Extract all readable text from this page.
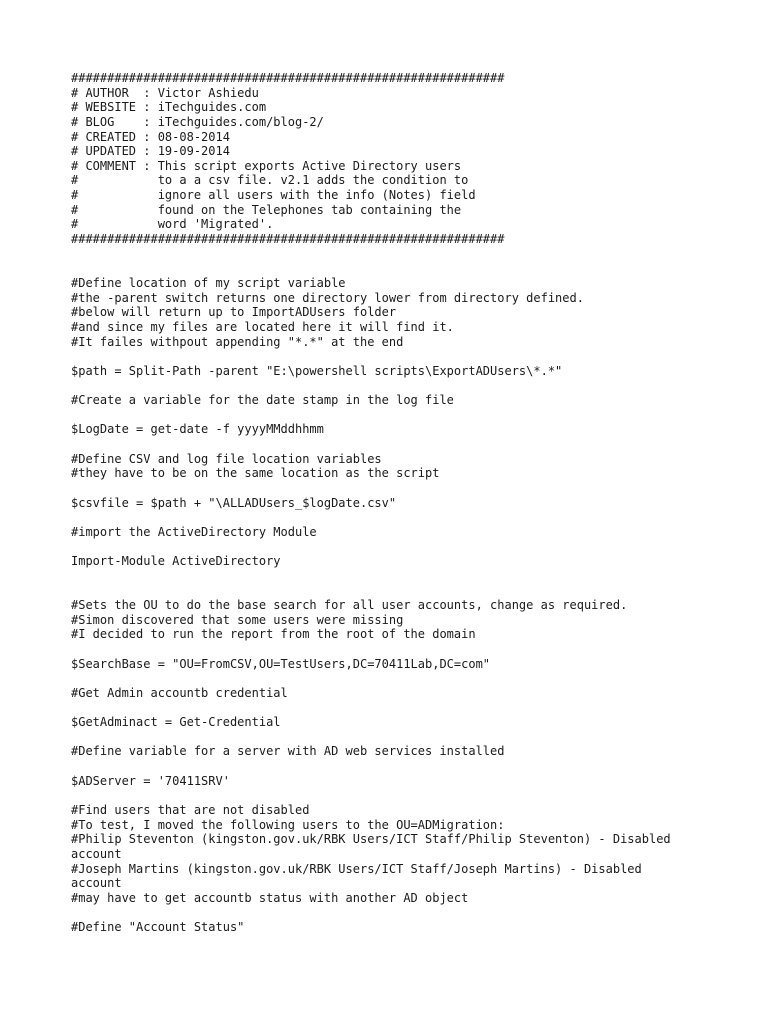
############################################################
# AUTHOR  : Victor Ashiedu
# WEBSITE : iTechguides.com
# BLOG    : iTechguides.com/blog-2/
# CREATED : 08-08-2014
# UPDATED : 19-09-2014
# COMMENT : This script exports Active Directory users
#           to a a csv file. v2.1 adds the condition to
#           ignore all users with the info (Notes) field
#           found on the Telephones tab containing the
#           word 'Migrated'.
############################################################
#Define location of my script variable
#the -parent switch returns one directory lower from directory defined.
#below will return up to ImportADUsers folder
#and since my files are located here it will find it.
#It failes withpout appending "*.*" at the end
$path = Split-Path -parent "E:\powershell scripts\ExportADUsers\*.*"
#Create a variable for the date stamp in the log file
$LogDate = get-date -f yyyyMMddhhmm
#Define CSV and log file location variables
#they have to be on the same location as the script
$csvfile = $path + "\ALLADUsers_$logDate.csv"
#import the ActiveDirectory Module
Import-Module ActiveDirectory
#Sets the OU to do the base search for all user accounts, change as required.
#Simon discovered that some users were missing
#I decided to run the report from the root of the domain
$SearchBase = "OU=FromCSV,OU=TestUsers,DC=70411Lab,DC=com"
#Get Admin accountb credential
$GetAdminact = Get-Credential
#Define variable for a server with AD web services installed
$ADServer = '70411SRV'
#Find users that are not disabled
#To test, I moved the following users to the OU=ADMigration:
#Philip Steventon (kingston.gov.uk/RBK Users/ICT Staff/Philip Steventon) - Disabled
account
#Joseph Martins (kingston.gov.uk/RBK Users/ICT Staff/Joseph Martins) - Disabled
account
#may have to get accountb status with another AD object
#Define "Account Status"
